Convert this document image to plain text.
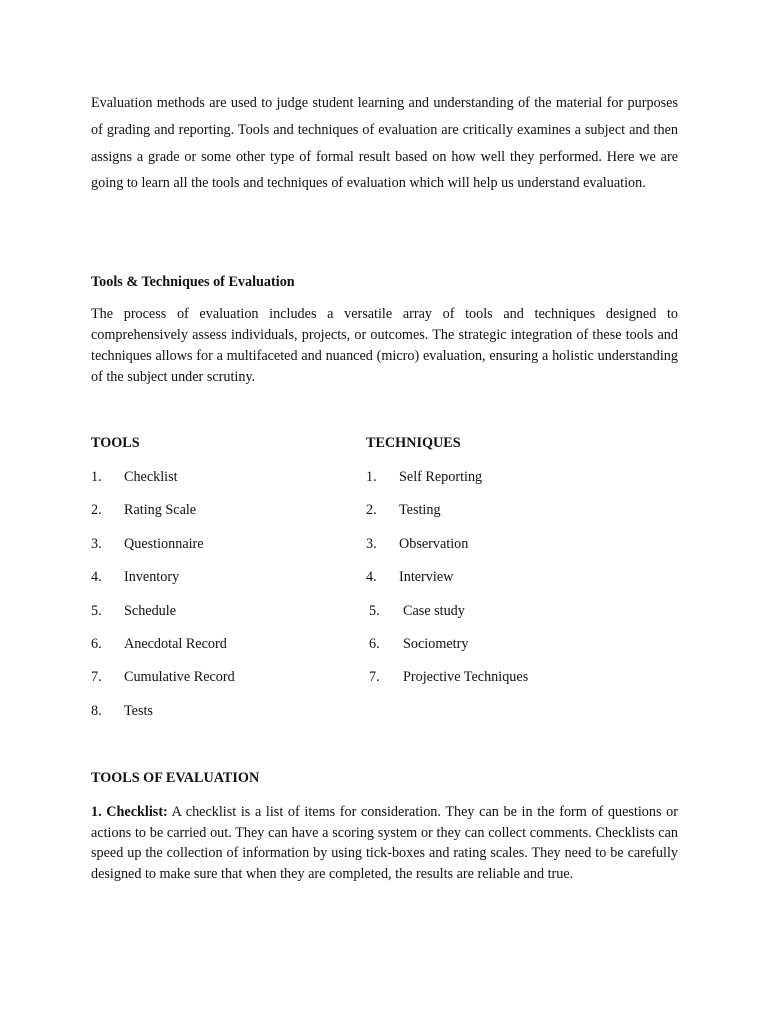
Evaluation methods are used to judge student learning and understanding of the material for purposes of grading and reporting. Tools and techniques of evaluation are critically examines a subject and then assigns a grade or some other type of formal result based on how well they performed. Here we are going to learn all the tools and techniques of evaluation which will help us understand evaluation.

Tools & Techniques of Evaluation

The process of evaluation includes a versatile array of tools and techniques designed to comprehensively assess individuals, projects, or outcomes. The strategic integration of these tools and techniques allows for a multifaceted and nuanced (micro) evaluation, ensuring a holistic understanding of the subject under scrutiny.

TOOLS	TECHNIQUES
1. Checklist
2. Rating Scale
3. Questionnaire
4. Inventory
5. Schedule
6. Anecdotal Record
7. Cumulative Record
8. Tests
1. Self Reporting
2. Testing
3. Observation
4. Interview
5. Case study
6. Sociometry
7. Projective Techniques
TOOLS OF EVALUATION

1. Checklist: A checklist is a list of items for consideration. They can be in the form of questions or actions to be carried out. They can have a scoring system or they can collect comments. Checklists can speed up the collection of information by using tick-boxes and rating scales. They need to be carefully designed to make sure that when they are completed, the results are reliable and true.
